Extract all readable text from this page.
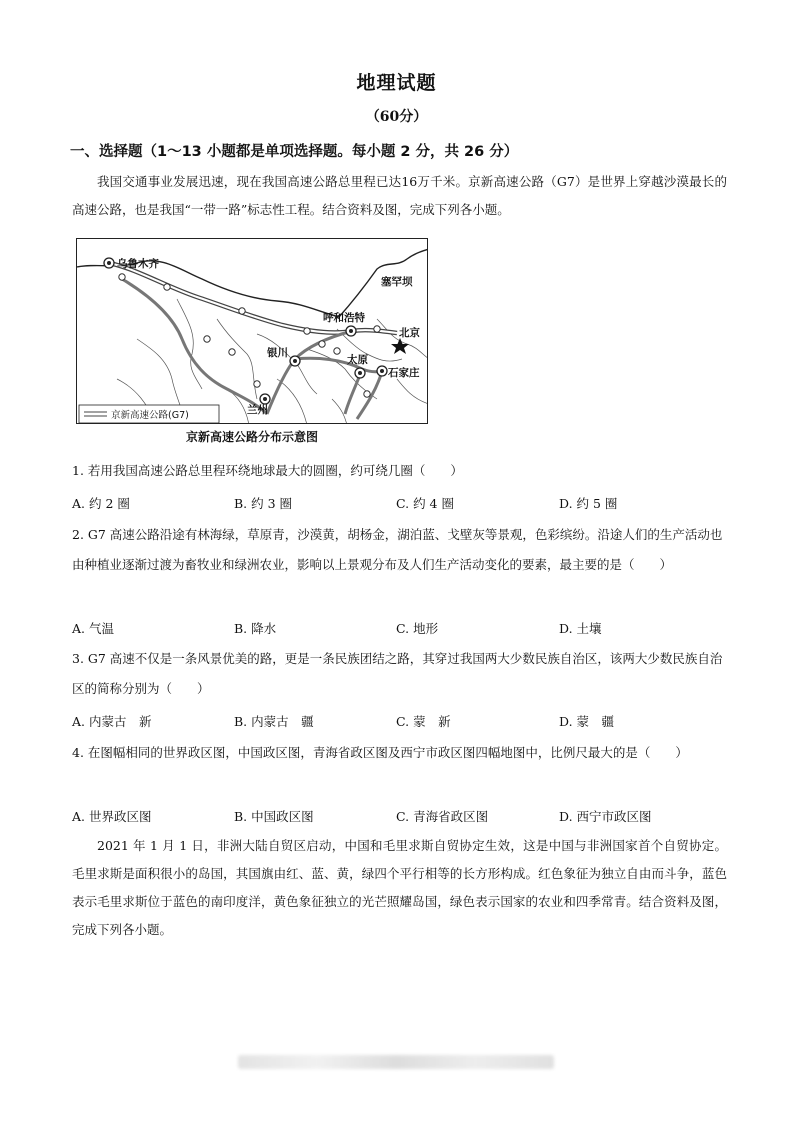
地理试题
（60分）
一、选择题（1～13 小题都是单项选择题。每小题 2 分，共 26 分）
我国交通事业发展迅速，现在我国高速公路总里程已达16万千米。京新高速公路（G7）是世界上穿越沙漠最长的高速公路，也是我国“一带一路”标志性工程。结合资料及图，完成下列各小题。
乌鲁木齐
塞罕坝
呼和浩特
北京
银川
太原
石家庄
兰州
京新高速公路(G7)
京新高速公路分布示意图
1. 若用我国高速公路总里程环绕地球最大的圆圈，约可绕几圈（　　）
A. 约 2 圈	B. 约 3 圈	C. 约 4 圈	D. 约 5 圈
2. G7 高速公路沿途有林海绿，草原青，沙漠黄，胡杨金，湖泊蓝、戈壁灰等景观，色彩缤纷。沿途人们的生产活动也由种植业逐渐过渡为畜牧业和绿洲农业，影响以上景观分布及人们生产活动变化的要素，最主要的是（　　）
A. 气温	B. 降水	C. 地形	D. 土壤
3. G7 高速不仅是一条风景优美的路，更是一条民族团结之路，其穿过我国两大少数民族自治区，该两大少数民族自治区的简称分别为（　　）
A. 内蒙古　新	B. 内蒙古　疆	C. 蒙　新	D. 蒙　疆
4. 在图幅相同的世界政区图，中国政区图，青海省政区图及西宁市政区图四幅地图中，比例尺最大的是（　　）
A. 世界政区图	B. 中国政区图	C. 青海省政区图	D. 西宁市政区图
2021 年 1 月 1 日，非洲大陆自贸区启动，中国和毛里求斯自贸协定生效，这是中国与非洲国家首个自贸协定。毛里求斯是面积很小的岛国，其国旗由红、蓝、黄，绿四个平行相等的长方形构成。红色象征为独立自由而斗争，蓝色表示毛里求斯位于蓝色的南印度洋，黄色象征独立的光芒照耀岛国，绿色表示国家的农业和四季常青。结合资料及图，完成下列各小题。
